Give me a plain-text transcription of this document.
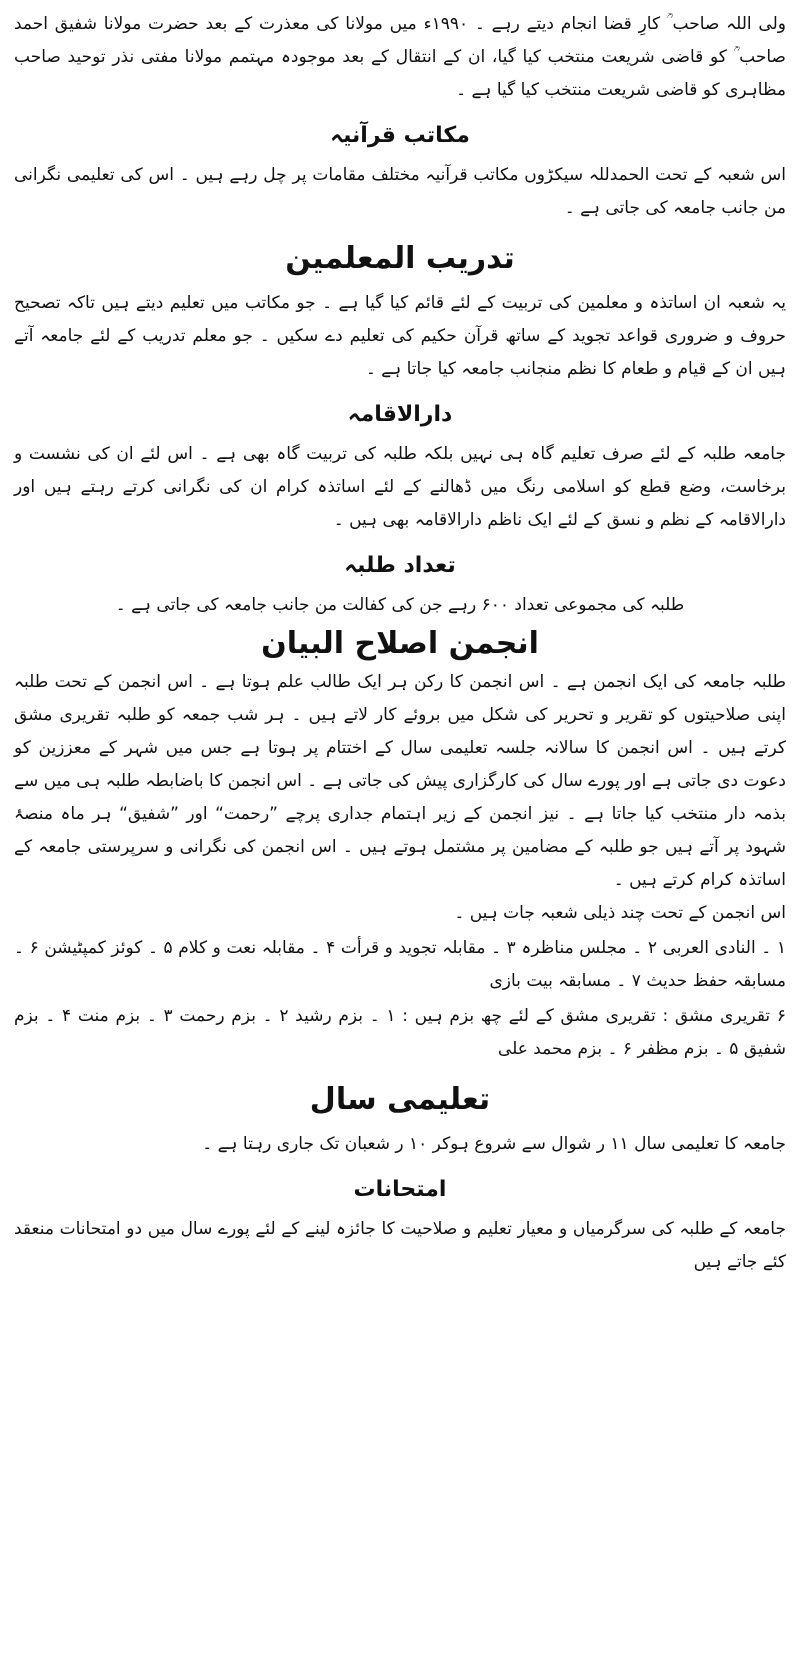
ولی اللہ صاحب ؒ کارِ قضا انجام دیتے رہے ۔ ۱۹۹۰ء میں مولانا کی معذرت کے بعد حضرت مولانا شفیق احمد صاحب ؒ کو قاضی شریعت منتخب کیا گیا، ان کے انتقال کے بعد موجودہ مہتمم مولانا مفتی نذر توحید صاحب مظاہری کو قاضی شریعت منتخب کیا گیا ہے ۔

مکاتب قرآنیہ

اس شعبہ کے تحت الحمدللہ سیکڑوں مکاتب قرآنیہ مختلف مقامات پر چل رہے ہیں ۔ اس کی تعلیمی نگرانی من جانب جامعہ کی جاتی ہے ۔

تدریب المعلمین

یہ شعبہ ان اساتذہ و معلمین کی تربیت کے لئے قائم کیا گیا ہے ۔ جو مکاتب میں تعلیم دیتے ہیں تاکہ تصحیح حروف و ضروری قواعد تجوید کے ساتھ قرآن حکیم کی تعلیم دے سکیں ۔ جو معلم تدریب کے لئے جامعہ آتے ہیں ان کے قیام و طعام کا نظم منجانب جامعہ کیا جاتا ہے ۔

دارالاقامہ

جامعہ طلبہ کے لئے صرف تعلیم گاہ ہی نہیں بلکہ طلبہ کی تربیت گاہ بھی ہے ۔ اس لئے ان کی نشست و برخاست، وضع قطع کو اسلامی رنگ میں ڈھالنے کے لئے اساتذہ کرام ان کی نگرانی کرتے رہتے ہیں اور دارالاقامہ کے نظم و نسق کے لئے ایک ناظم دارالاقامہ بھی ہیں ۔

تعداد طلبہ

طلبہ کی مجموعی تعداد ۶۰۰ رہے جن کی کفالت من جانب جامعہ کی جاتی ہے ۔

انجمن اصلاح البیان

طلبہ جامعہ کی ایک انجمن ہے ۔ اس انجمن کا رکن ہر ایک طالب علم ہوتا ہے ۔ اس انجمن کے تحت طلبہ اپنی صلاحیتوں کو تقریر و تحریر کی شکل میں بروئے کار لاتے ہیں ۔ ہر شب جمعہ کو طلبہ تقریری مشق کرتے ہیں ۔ اس انجمن کا سالانہ جلسہ تعلیمی سال کے اختتام پر ہوتا ہے جس میں شہر کے معززین کو دعوت دی جاتی ہے اور پورے سال کی کارگزاری پیش کی جاتی ہے ۔ اس انجمن کا باضابطہ طلبہ ہی میں سے بذمہ دار منتخب کیا جاتا ہے ۔ نیز انجمن کے زیر اہتمام جداری پرچے ”رحمت“ اور ”شفیق“ ہر ماہ منصۂ شہود پر آتے ہیں جو طلبہ کے مضامین پر مشتمل ہوتے ہیں ۔ اس انجمن کی نگرانی و سرپرستی جامعہ کے اساتذہ کرام کرتے ہیں ۔

اس انجمن کے تحت چند ذیلی شعبہ جات ہیں ۔

۱ ۔ النادی العربی ۲ ۔ مجلس مناظرہ ۳ ۔ مقابلہ تجوید و قرأت ۴ ۔ مقابلہ نعت و کلام ۵ ۔ کوئز کمپٹیشن ۶ ۔ مسابقہ حفظ حدیث ۷ ۔ مسابقہ بیت بازی

۶ تقریری مشق : تقریری مشق کے لئے چھ بزم ہیں : ۱ ۔ بزم رشید ۲ ۔ بزم رحمت ۳ ۔ بزم منت ۴ ۔ بزم شفیق ۵ ۔ بزم مظفر ۶ ۔ بزم محمد علی

تعلیمی سال

جامعہ کا تعلیمی سال ۱۱ ر شوال سے شروع ہوکر ۱۰ ر شعبان تک جاری رہتا ہے ۔

امتحانات

جامعہ کے طلبہ کی سرگرمیاں و معیار تعلیم و صلاحیت کا جائزہ لینے کے لئے پورے سال میں دو امتحانات منعقد کئے جاتے ہیں
